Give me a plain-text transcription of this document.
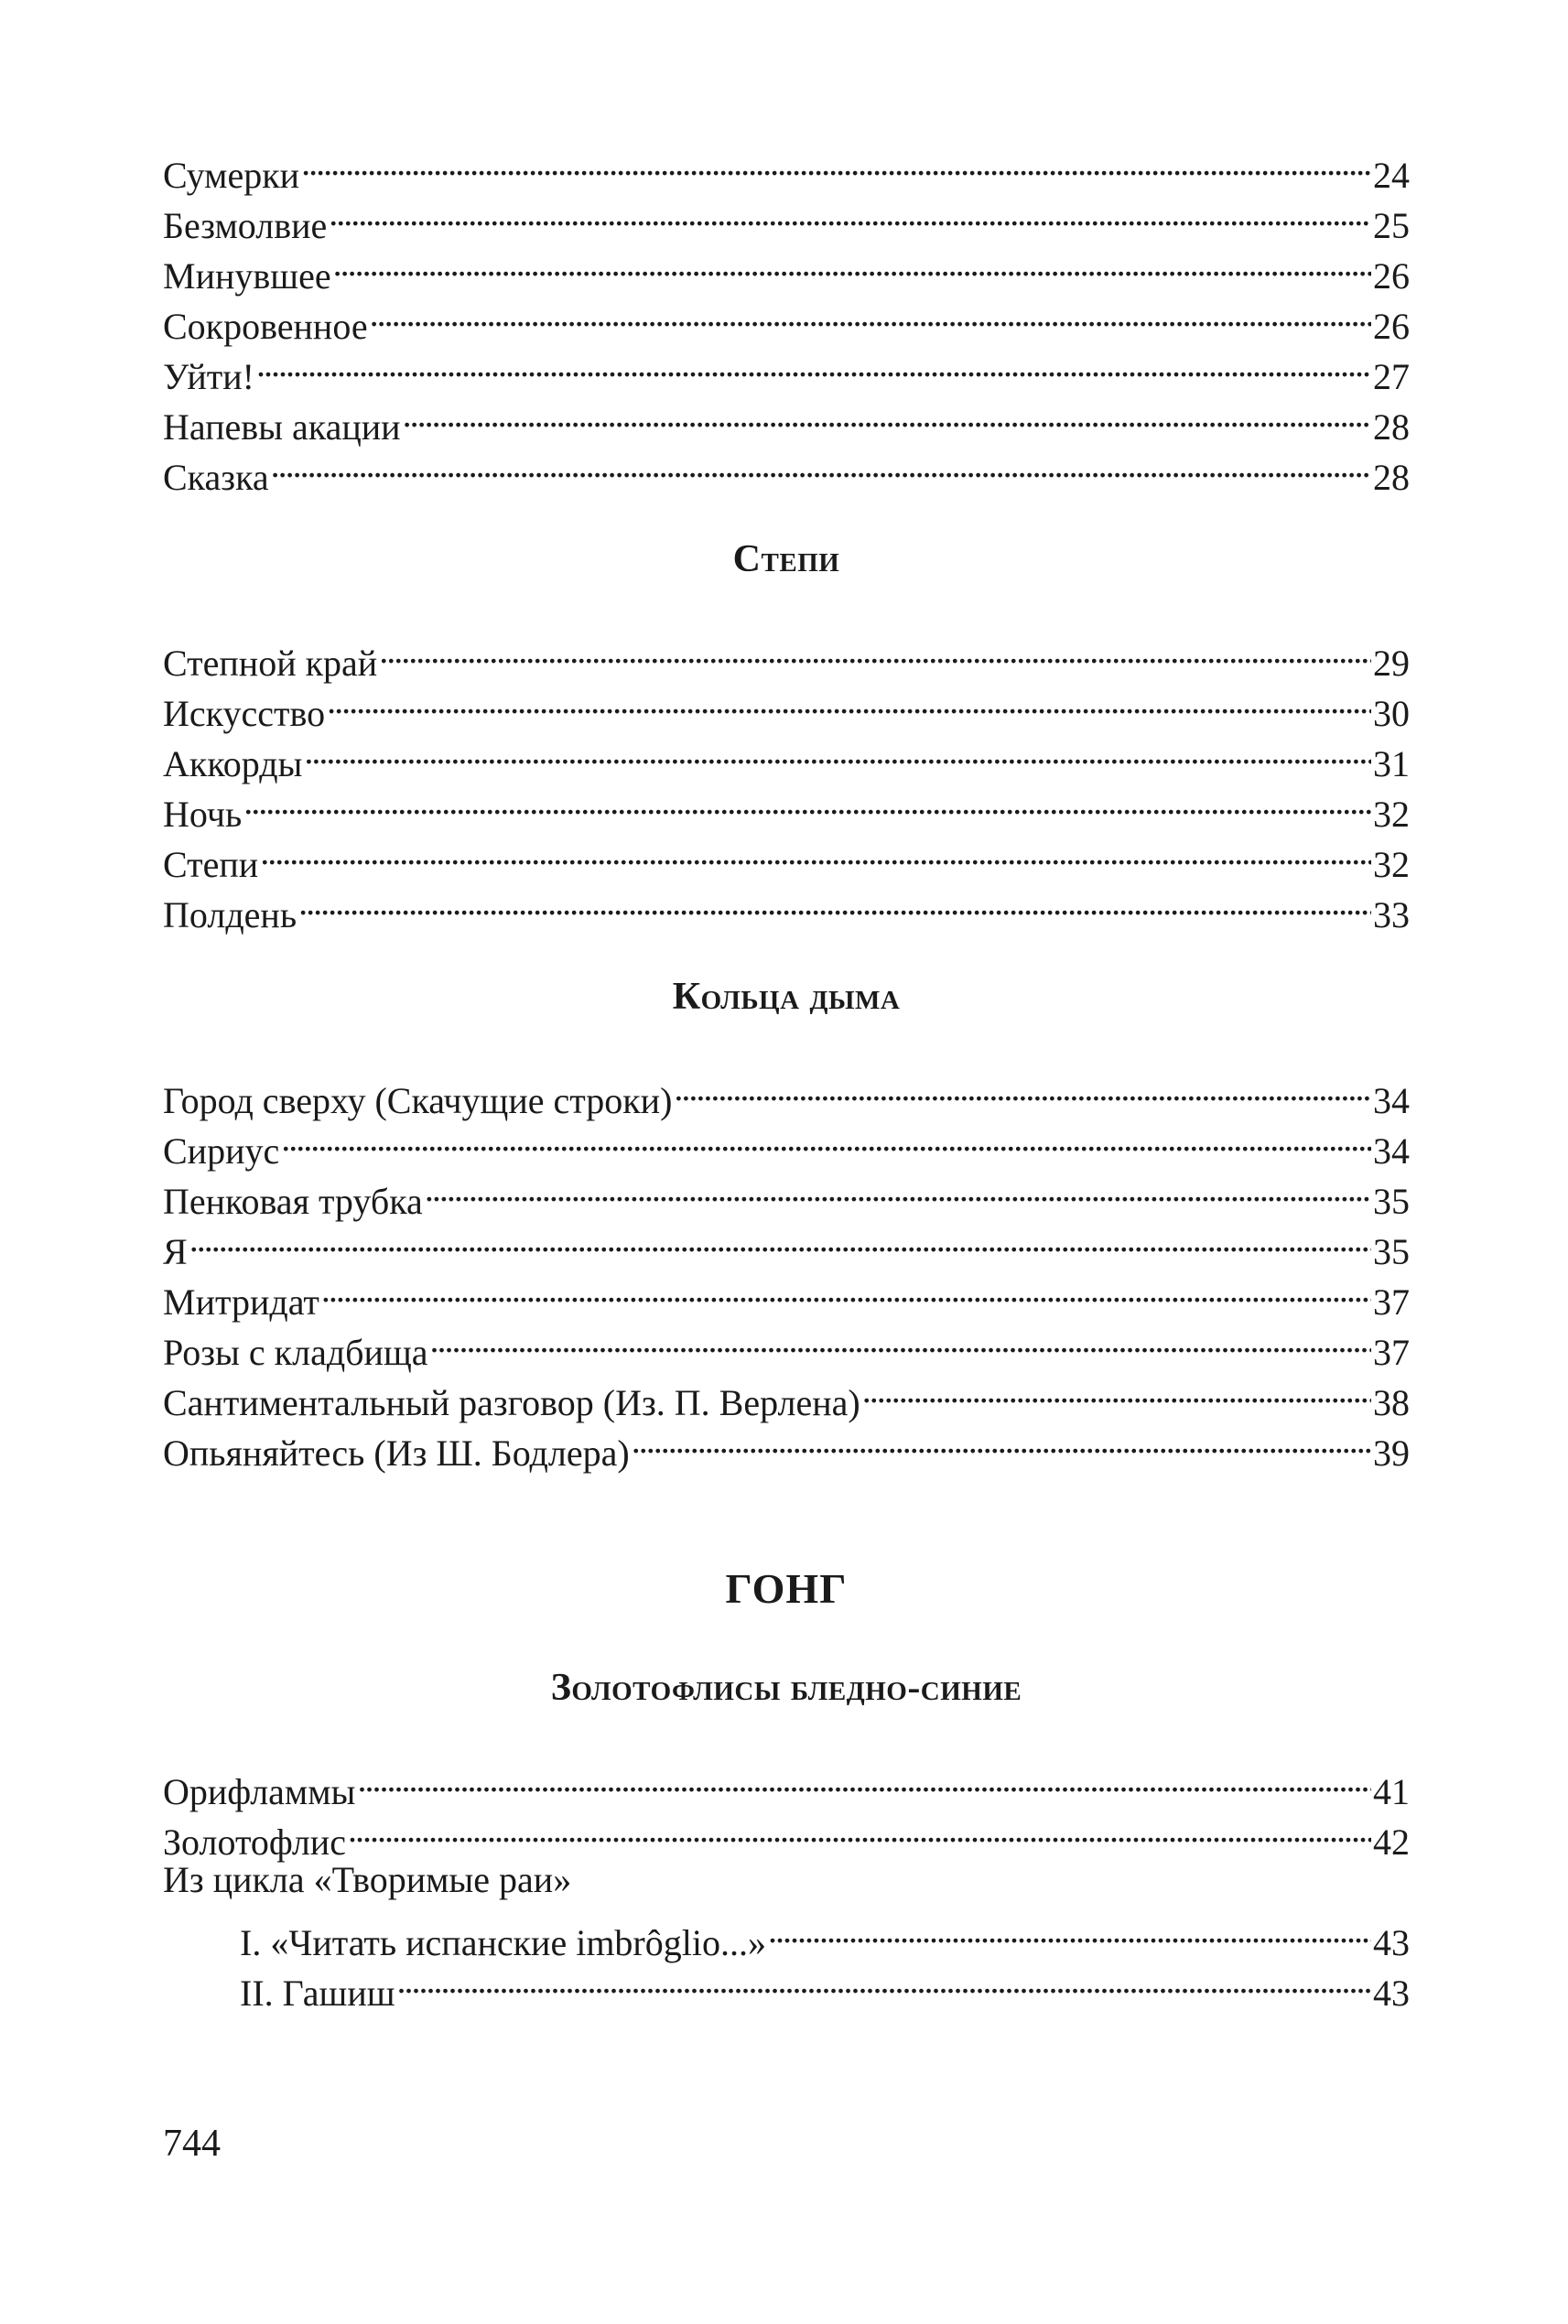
Сумерки . . .	24
Безмолвие . . .	25
Минувшее . . .	26
Сокровенное . . .	26
Уйти! . . .	27
Напевы акации . . .	28
Сказка . . .	28
Степи
Степной край . . .	29
Искусство . . .	30
Аккорды . . .	31
Ночь . . .	32
Степи . . .	32
Полдень . . .	33
Кольца дыма
Город сверху (Скачущие строки) . . .	34
Сириус . . .	34
Пенковая трубка . . .	35
Я . . .	35
Митридат . . .	37
Розы с кладбища . . .	37
Сантиментальный разговор (Из. П. Верлена) . . .	38
Опьяняйтесь (Из Ш. Бодлера) . . .	39
ГОНГ
Золотофлисы бледно-синие
Орифламмы . . .	41
Золотофлис . . .	42
Из цикла «Творимые раи»
I. «Читать испанские imbrôglio...» . . .	43
II. Гашиш . . .	43
744
